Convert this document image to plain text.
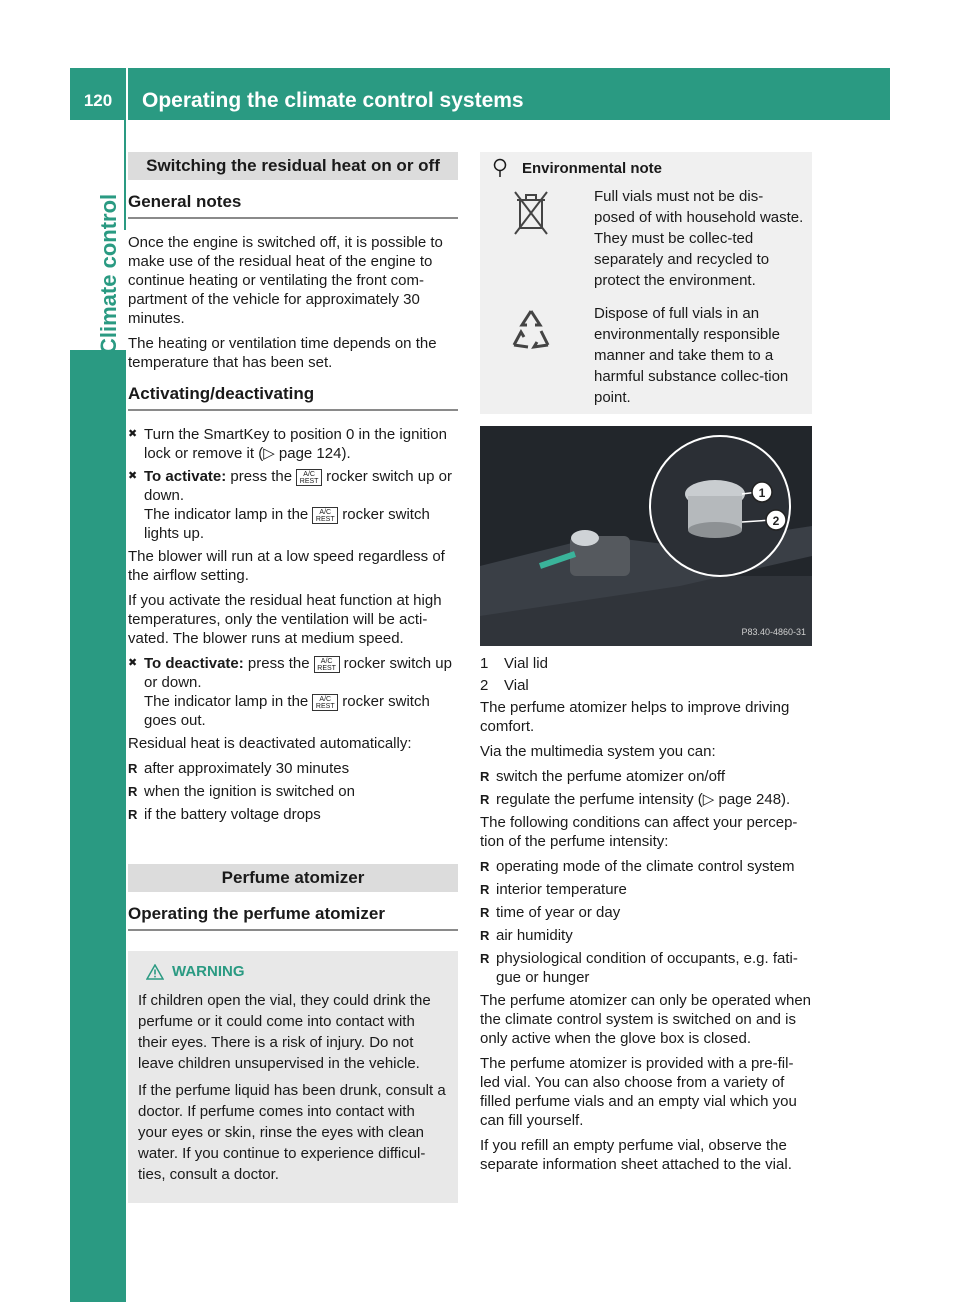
120	Operating the climate control systems
Climate control
Switching the residual heat on or off
General notes

Once the engine is switched off, it is possible to make use of the residual heat of the engine to continue heating or ventilating the front com-partment of the vehicle for approximately 30 minutes.

The heating or ventilation time depends on the temperature that has been set.

Activating/deactivating
✖ Turn the SmartKey to position 0 in the ignition lock or remove it (▷ page 124).
✖ To activate: press the A/C REST rocker switch up or down.
The indicator lamp in the A/C REST rocker switch lights up.

The blower will run at a low speed regardless of the airflow setting.

If you activate the residual heat function at high temperatures, only the ventilation will be acti-vated. The blower runs at medium speed.

✖ To deactivate: press the A/C REST rocker switch up or down.
The indicator lamp in the A/C REST rocker switch goes out.

Residual heat is deactivated automatically:

R after approximately 30 minutes
R when the ignition is switched on
R if the battery voltage drops
Perfume atomizer
Operating the perfume atomizer
WARNING

If children open the vial, they could drink the perfume or it could come into contact with their eyes. There is a risk of injury. Do not leave children unsupervised in the vehicle.

If the perfume liquid has been drunk, consult a doctor. If perfume comes into contact with your eyes or skin, rinse the eyes with clean water. If you continue to experience difficul-ties, consult a doctor.

Environmental note
Full vials must not be dis-posed of with household waste. They must be collec-ted separately and recycled to protect the environment.
Dispose of full vials in an environmentally responsible manner and take them to a harmful substance collec-tion point.
1
2
P83.40-4860-31
1	Vial lid
2	Vial

The perfume atomizer helps to improve driving comfort.

Via the multimedia system you can:

R switch the perfume atomizer on/off
R regulate the perfume intensity (▷ page 248).

The following conditions can affect your percep-tion of the perfume intensity:

R operating mode of the climate control system
R interior temperature
R time of year or day
R air humidity
R physiological condition of occupants, e.g. fati-gue or hunger

The perfume atomizer can only be operated when the climate control system is switched on and is only active when the glove box is closed.

The perfume atomizer is provided with a pre-fil-led vial. You can also choose from a variety of filled perfume vials and an empty vial which you can fill yourself.

If you refill an empty perfume vial, observe the separate information sheet attached to the vial.
